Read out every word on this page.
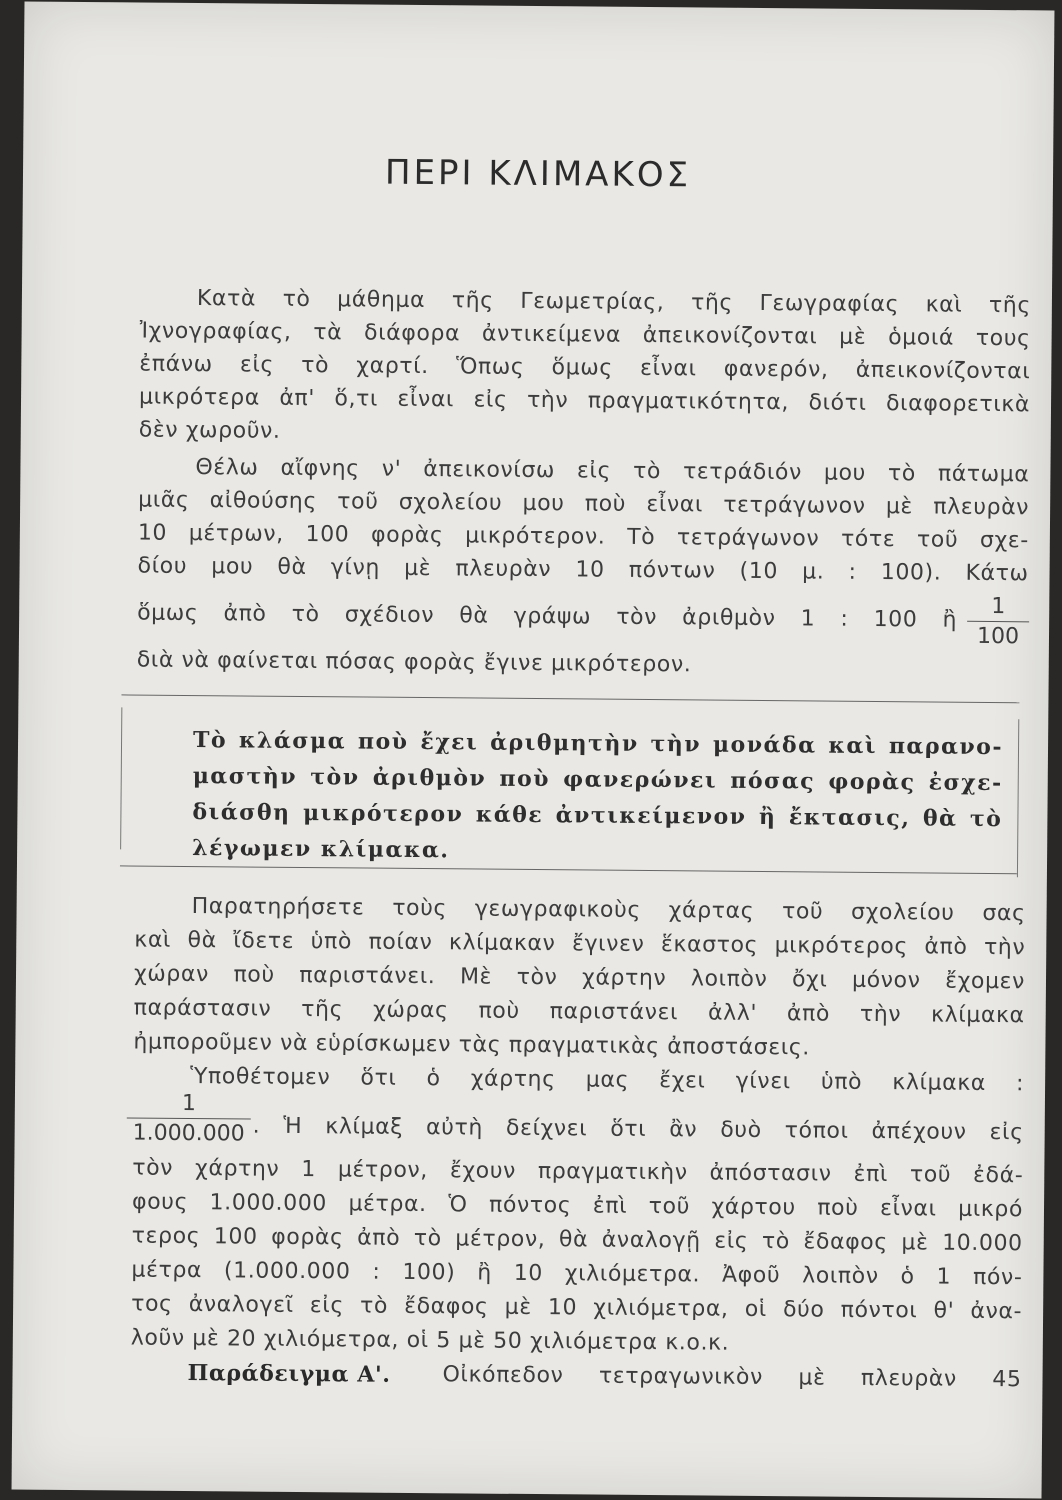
ΠΕΡΙ ΚΛΙΜΑΚΟΣ
Κατὰ τὸ μάθημα τῆς Γεωμετρίας, τῆς Γεωγραφίας καὶ τῆς
Ἰχνογραφίας, τὰ διάφορα ἀντικείμενα ἀπεικονίζονται μὲ ὁμοιά τους
ἐπάνω εἰς τὸ χαρτί. Ὅπως ὅμως εἶναι φανερόν, ἀπεικονίζονται
μικρότερα ἀπ' ὅ,τι εἶναι εἰς τὴν πραγματικότητα, διότι διαφορετικὰ
δὲν χωροῦν.
Θέλω αἴφνης ν' ἀπεικονίσω εἰς τὸ τετράδιόν μου τὸ πάτωμα
μιᾶς αἰθούσης τοῦ σχολείου μου ποὺ εἶναι τετράγωνον μὲ πλευρὰν
10 μέτρων, 100 φορὰς μικρότερον. Τὸ τετράγωνον τότε τοῦ σχε-
δίου μου θὰ γίνῃ μὲ πλευρὰν 10 πόντων (10 μ. : 100). Κάτω
ὅμως ἀπὸ τὸ σχέδιον θὰ γράψω τὸν ἀριθμὸν 1 : 100 ἢ	1
100
διὰ νὰ φαίνεται πόσας φορὰς ἔγινε μικρότερον.
Τὸ κλάσμα ποὺ ἔχει ἀριθμητὴν τὴν μονάδα καὶ παρανο-
μαστὴν τὸν ἀριθμὸν ποὺ φανερώνει πόσας φορὰς ἐσχε-
διάσθη μικρότερον κάθε ἀντικείμενον ἢ ἔκτασις, θὰ τὸ
λέγωμεν κλίμακα.
Παρατηρήσετε τοὺς γεωγραφικοὺς χάρτας τοῦ σχολείου σας
καὶ θὰ ἴδετε ὑπὸ ποίαν κλίμακαν ἔγινεν ἕκαστος μικρότερος ἀπὸ τὴν
χώραν ποὺ παριστάνει. Μὲ τὸν χάρτην λοιπὸν ὄχι μόνον ἔχομεν
παράστασιν τῆς χώρας ποὺ παριστάνει ἀλλ' ἀπὸ τὴν κλίμακα
ἠμποροῦμεν νὰ εὑρίσκωμεν τὰς πραγματικὰς ἀποστάσεις.
Ὑποθέτομεν ὅτι ὁ χάρτης μας ἔχει γίνει ὑπὸ κλίμακα :
1
1.000.000 . Ἡ κλίμαξ αὐτὴ δείχνει ὅτι ἂν δυὸ τόποι ἀπέχουν εἰς
τὸν χάρτην 1 μέτρον, ἔχουν πραγματικὴν ἀπόστασιν ἐπὶ τοῦ ἐδά-
φους 1.000.000 μέτρα. Ὁ πόντος ἐπὶ τοῦ χάρτου ποὺ εἶναι μικρό
τερος 100 φορὰς ἀπὸ τὸ μέτρον, θὰ ἀναλογῇ εἰς τὸ ἔδαφος μὲ 10.000
μέτρα (1.000.000 : 100) ἢ 10 χιλιόμετρα. Ἀφοῦ λοιπὸν ὁ 1 πόν-
τος ἀναλογεῖ εἰς τὸ ἔδαφος μὲ 10 χιλιόμετρα, οἱ δύο πόντοι θ' ἀνα-
λοῦν μὲ 20 χιλιόμετρα, οἱ 5 μὲ 50 χιλιόμετρα κ.ο.κ.
Παράδειγμα Α'. Οἰκόπεδον τετραγωνικὸν μὲ πλευρὰν 45
